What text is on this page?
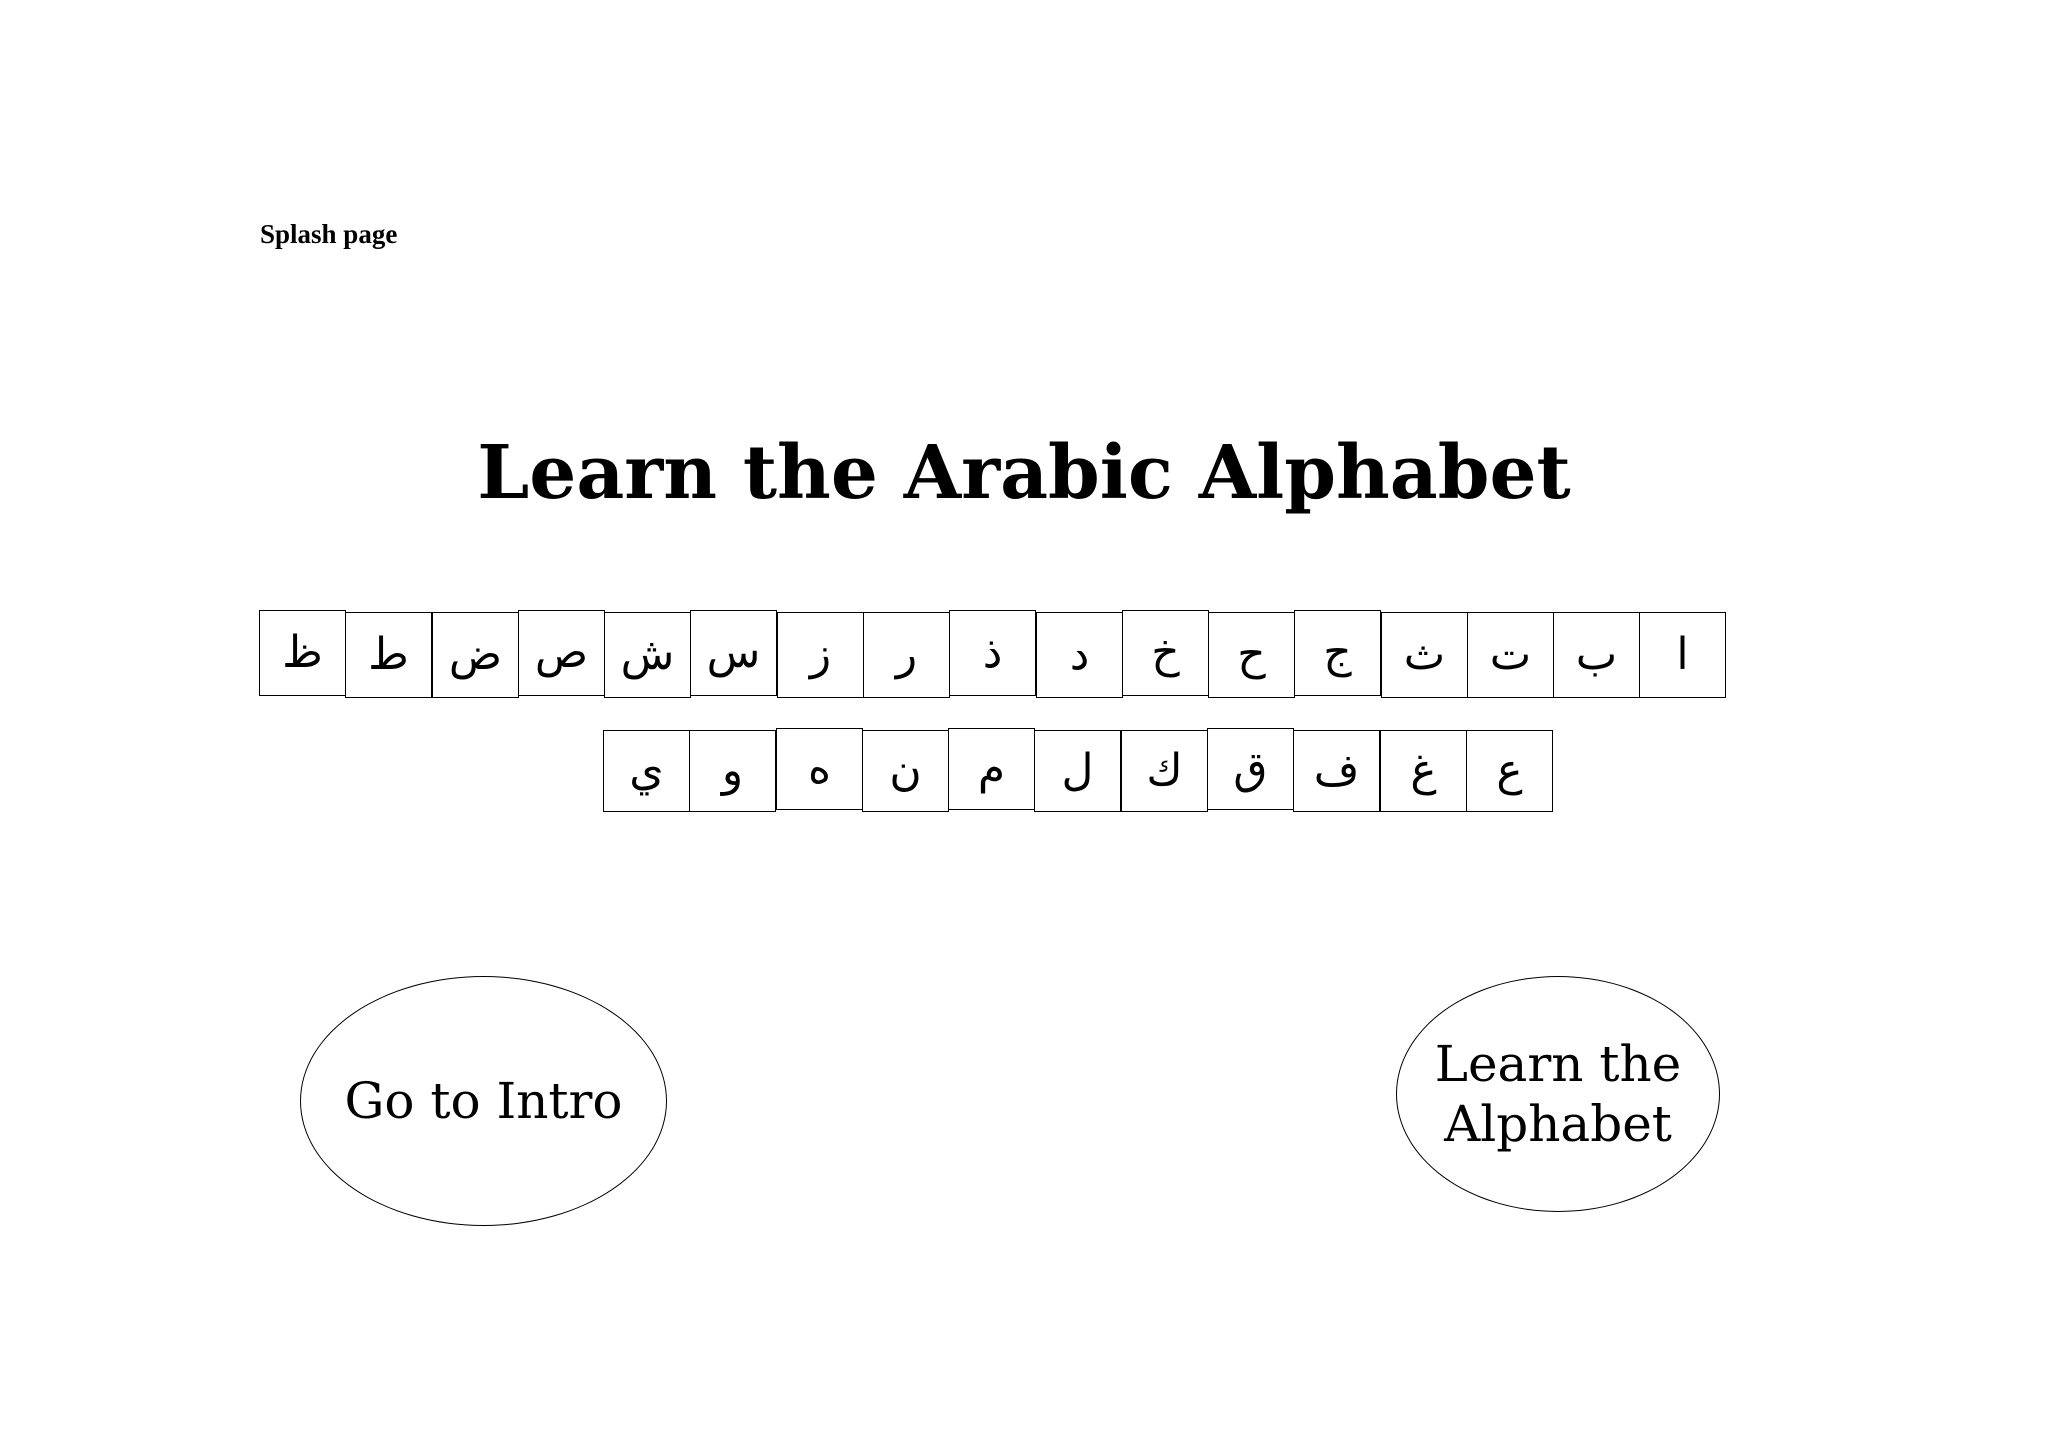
Splash page
Learn the Arabic Alphabet
ا
ب
ت
ث
ج
ح
خ
د
ذ
ر
ز
س
ش
ص
ض
ط
ظ
ع
غ
ف
ق
ك
ل
م
ن
ه
و
ي
Go to Intro
Learn the Alphabet
